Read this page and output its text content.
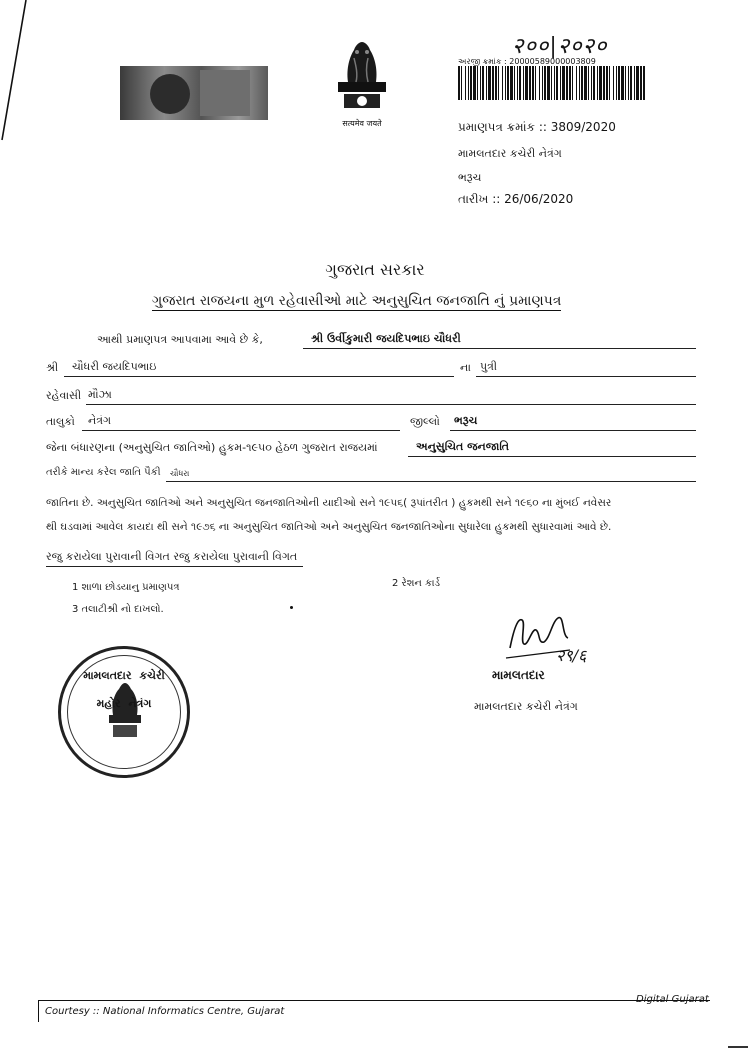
सत्यमेव जयते
२००|२०२०
અરજી ક્રમાંક : 20000589000003809
પ્રમાણપત્ર ક્રમાંક :: 3809/2020
મામલતદાર કચેરી નેત્રંગ
ભરૂચ
તારીખ :: 26/06/2020
ગુજરાત સરકાર
ગુજરાત રાજયના મુળ રહેવાસીઓ માટે અનુસુચિત જનજાતિ નું પ્રમાણપત્ર
આથી પ્રમાણપત્ર આપવામા આવે છે કે,	શ્રી ઉર્વીકુમારી જયદિપભાઇ ચૌધરી
શ્રી ચૌધરી જયદિપભાઇ	ના પુત્રી
રહેવાસી મૌઝા
તાલુકો નેત્રંગ	જીલ્લો ભરૂચ
જેના બંધારણના (અનુસુચિત જાતિઓ) હુકમ-૧૯૫૦ હેઠળ ગુજરાત રાજયમાં	અનુસુચિત જનજાતિ
તરીકે માન્ય કરેલ જાતિ પૈકી ચૌધરા
જાતિના છે. અનુસુચિત જાતિઓ અને અનુસુચિત જનજાતિઓની યાદીઓ સને ૧૯૫૬( રૂપાંતરીત ) હુકમથી સને ૧૯૬૦ ના મુંબઈ નવેસર
થી ઘડવામાં આવેલ કાયદા થી સને ૧૯૭૬ ના અનુસુચિત જાતિઓ અને અનુસુચિત જનજાતિઓના સુધારેલા હુકમથી સુધારવામાં આવે છે.
રજુ કરાયેલા પુરાવાની વિગત રજુ કરાયેલા પુરાવાની વિગત
1 શાળા છોડયાનુ પ્રમાણપત્ર	2 રેશન કાર્ડ
3 તલાટીશ્રી નો દાખલો.
મામલતદાર કચેરી મહોર નેત્રંગ
२९/६
મામલતદાર
મામલતદાર કચેરી નેત્રંગ
Courtesy :: National Informatics Centre, Gujarat
Digital Gujarat
